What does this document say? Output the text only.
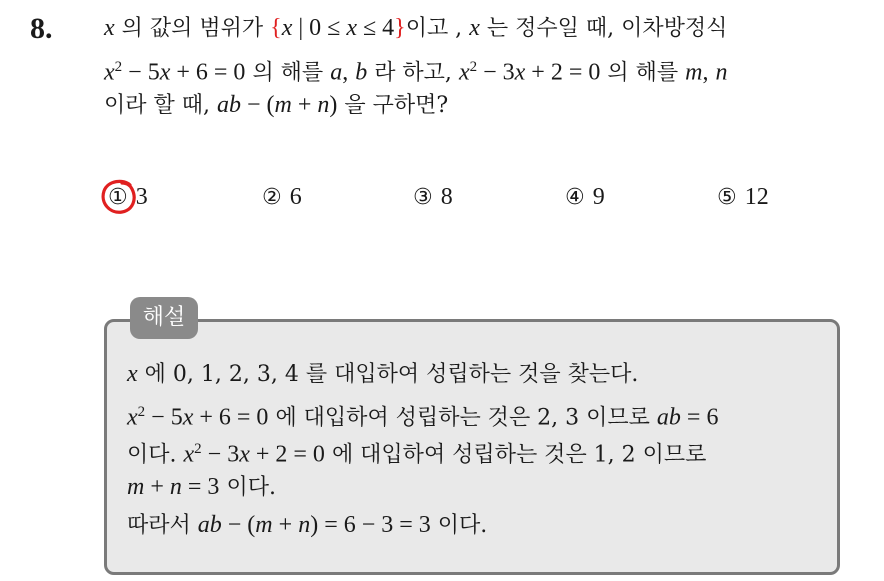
8. x 의 값의 범위가 {x | 0 ≤ x ≤ 4}이고 , x 는 정수일 때, 이차방정식
$x^2 - 5x + 6 = 0$ 의 해를 a, b 라 하고, $x^2 - 3x + 2 = 0$ 의 해를 m, n
이라 할 때, ab − (m + n) 을 구하면?
① 3	② 6	③ 8	④ 9	⑤ 12
해설
x 에 0, 1, 2, 3, 4 를 대입하여 성립하는 것을 찾는다.
$x^2 - 5x + 6 = 0$ 에 대입하여 성립하는 것은 2, 3 이므로 ab = 6
이다. $x^2 - 3x + 2 = 0$ 에 대입하여 성립하는 것은 1, 2 이므로
m + n = 3 이다.
따라서 ab − (m + n) = 6 − 3 = 3 이다.
